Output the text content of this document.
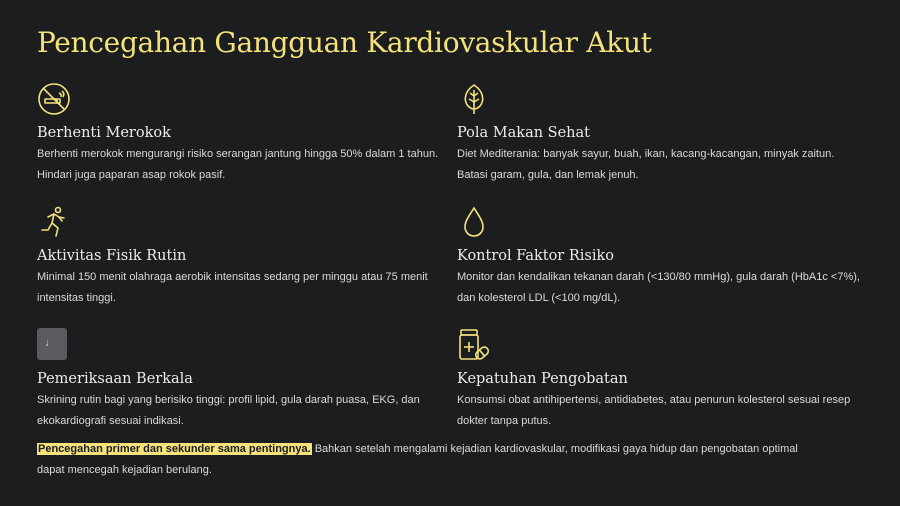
Pencegahan Gangguan Kardiovaskular Akut
Berhenti Merokok
Berhenti merokok mengurangi risiko serangan jantung hingga 50% dalam 1 tahun. Hindari juga paparan asap rokok pasif.
Pola Makan Sehat
Diet Mediterania: banyak sayur, buah, ikan, kacang-kacangan, minyak zaitun. Batasi garam, gula, dan lemak jenuh.
Aktivitas Fisik Rutin
Minimal 150 menit olahraga aerobik intensitas sedang per minggu atau 75 menit intensitas tinggi.
Kontrol Faktor Risiko
Monitor dan kendalikan tekanan darah (<130/80 mmHg), gula darah (HbA1c <7%), dan kolesterol LDL (<100 mg/dL).
♩
Pemeriksaan Berkala
Skrining rutin bagi yang berisiko tinggi: profil lipid, gula darah puasa, EKG, dan ekokardiografi sesuai indikasi.
Kepatuhan Pengobatan
Konsumsi obat antihipertensi, antidiabetes, atau penurun kolesterol sesuai resep dokter tanpa putus.
Pencegahan primer dan sekunder sama pentingnya. Bahkan setelah mengalami kejadian kardiovaskular, modifikasi gaya hidup dan pengobatan optimal dapat mencegah kejadian berulang.
